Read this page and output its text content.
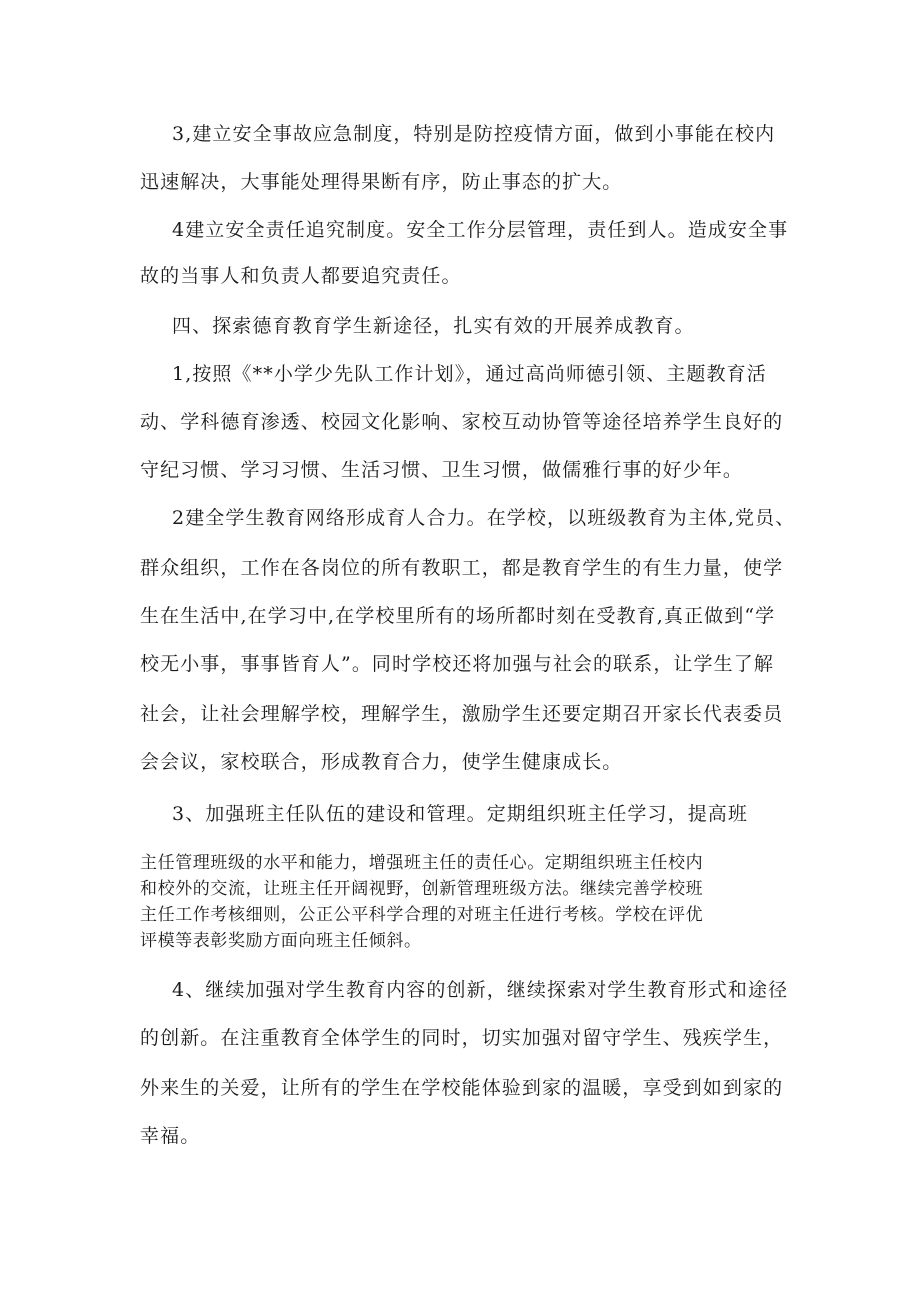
3,建立安全事故应急制度，特别是防控疫情方面，做到小事能在校内
迅速解决，大事能处理得果断有序，防止事态的扩大。
4建立安全责任追究制度。安全工作分层管理，责任到人。造成安全事
故的当事人和负责人都要追究责任。
四、探索德育教育学生新途径，扎实有效的开展养成教育。
1,按照《**小学少先队工作计划》，通过高尚师德引领、主题教育活
动、学科德育渗透、校园文化影响、家校互动协管等途径培养学生良好的
守纪习惯、学习习惯、生活习惯、卫生习惯，做儒雅行事的好少年。
2建全学生教育网络形成育人合力。在学校，以班级教育为主体,党员、
群众组织，工作在各岗位的所有教职工，都是教育学生的有生力量，使学
生在生活中,在学习中,在学校里所有的场所都时刻在受教育,真正做到“学
校无小事，事事皆育人”。同时学校还将加强与社会的联系，让学生了解
社会，让社会理解学校，理解学生，激励学生还要定期召开家长代表委员
会会议，家校联合，形成教育合力，使学生健康成长。
3、加强班主任队伍的建设和管理。定期组织班主任学习，提高班
主任管理班级的水平和能力，增强班主任的责任心。定期组织班主任校内
和校外的交流，让班主任开阔视野，创新管理班级方法。继续完善学校班
主任工作考核细则，公正公平科学合理的对班主任进行考核。学校在评优
评模等表彰奖励方面向班主任倾斜。
4、继续加强对学生教育内容的创新，继续探索对学生教育形式和途径
的创新。在注重教育全体学生的同时，切实加强对留守学生、残疾学生，
外来生的关爱，让所有的学生在学校能体验到家的温暖，享受到如到家的
幸福。
